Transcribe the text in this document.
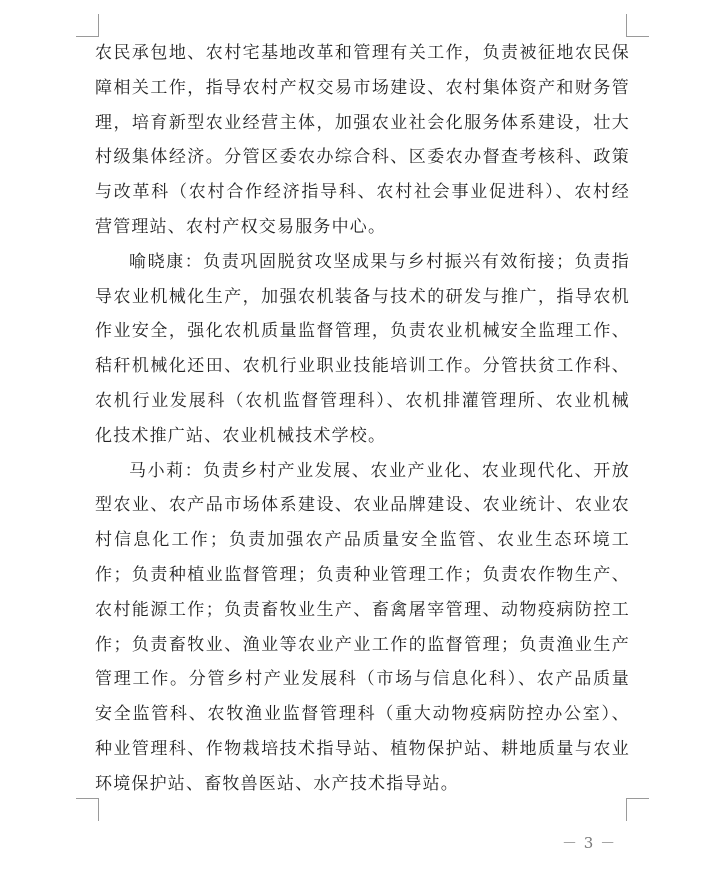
农民承包地、农村宅基地改革和管理有关工作，负责被征地农民保障相关工作，指导农村产权交易市场建设、农村集体资产和财务管理，培育新型农业经营主体，加强农业社会化服务体系建设，壮大村级集体经济。分管区委农办综合科、区委农办督查考核科、政策与改革科（农村合作经济指导科、农村社会事业促进科）、农村经营管理站、农村产权交易服务中心。

喻晓康：负责巩固脱贫攻坚成果与乡村振兴有效衔接；负责指导农业机械化生产，加强农机装备与技术的研发与推广，指导农机作业安全，强化农机质量监督管理，负责农业机械安全监理工作、秸秆机械化还田、农机行业职业技能培训工作。分管扶贫工作科、农机行业发展科（农机监督管理科）、农机排灌管理所、农业机械化技术推广站、农业机械技术学校。

马小莉：负责乡村产业发展、农业产业化、农业现代化、开放型农业、农产品市场体系建设、农业品牌建设、农业统计、农业农村信息化工作；负责加强农产品质量安全监管、农业生态环境工作；负责种植业监督管理；负责种业管理工作；负责农作物生产、农村能源工作；负责畜牧业生产、畜禽屠宰管理、动物疫病防控工作；负责畜牧业、渔业等农业产业工作的监督管理；负责渔业生产管理工作。分管乡村产业发展科（市场与信息化科）、农产品质量安全监管科、农牧渔业监督管理科（重大动物疫病防控办公室）、种业管理科、作物栽培技术指导站、植物保护站、耕地质量与农业环境保护站、畜牧兽医站、水产技术指导站。

－ 3 －
